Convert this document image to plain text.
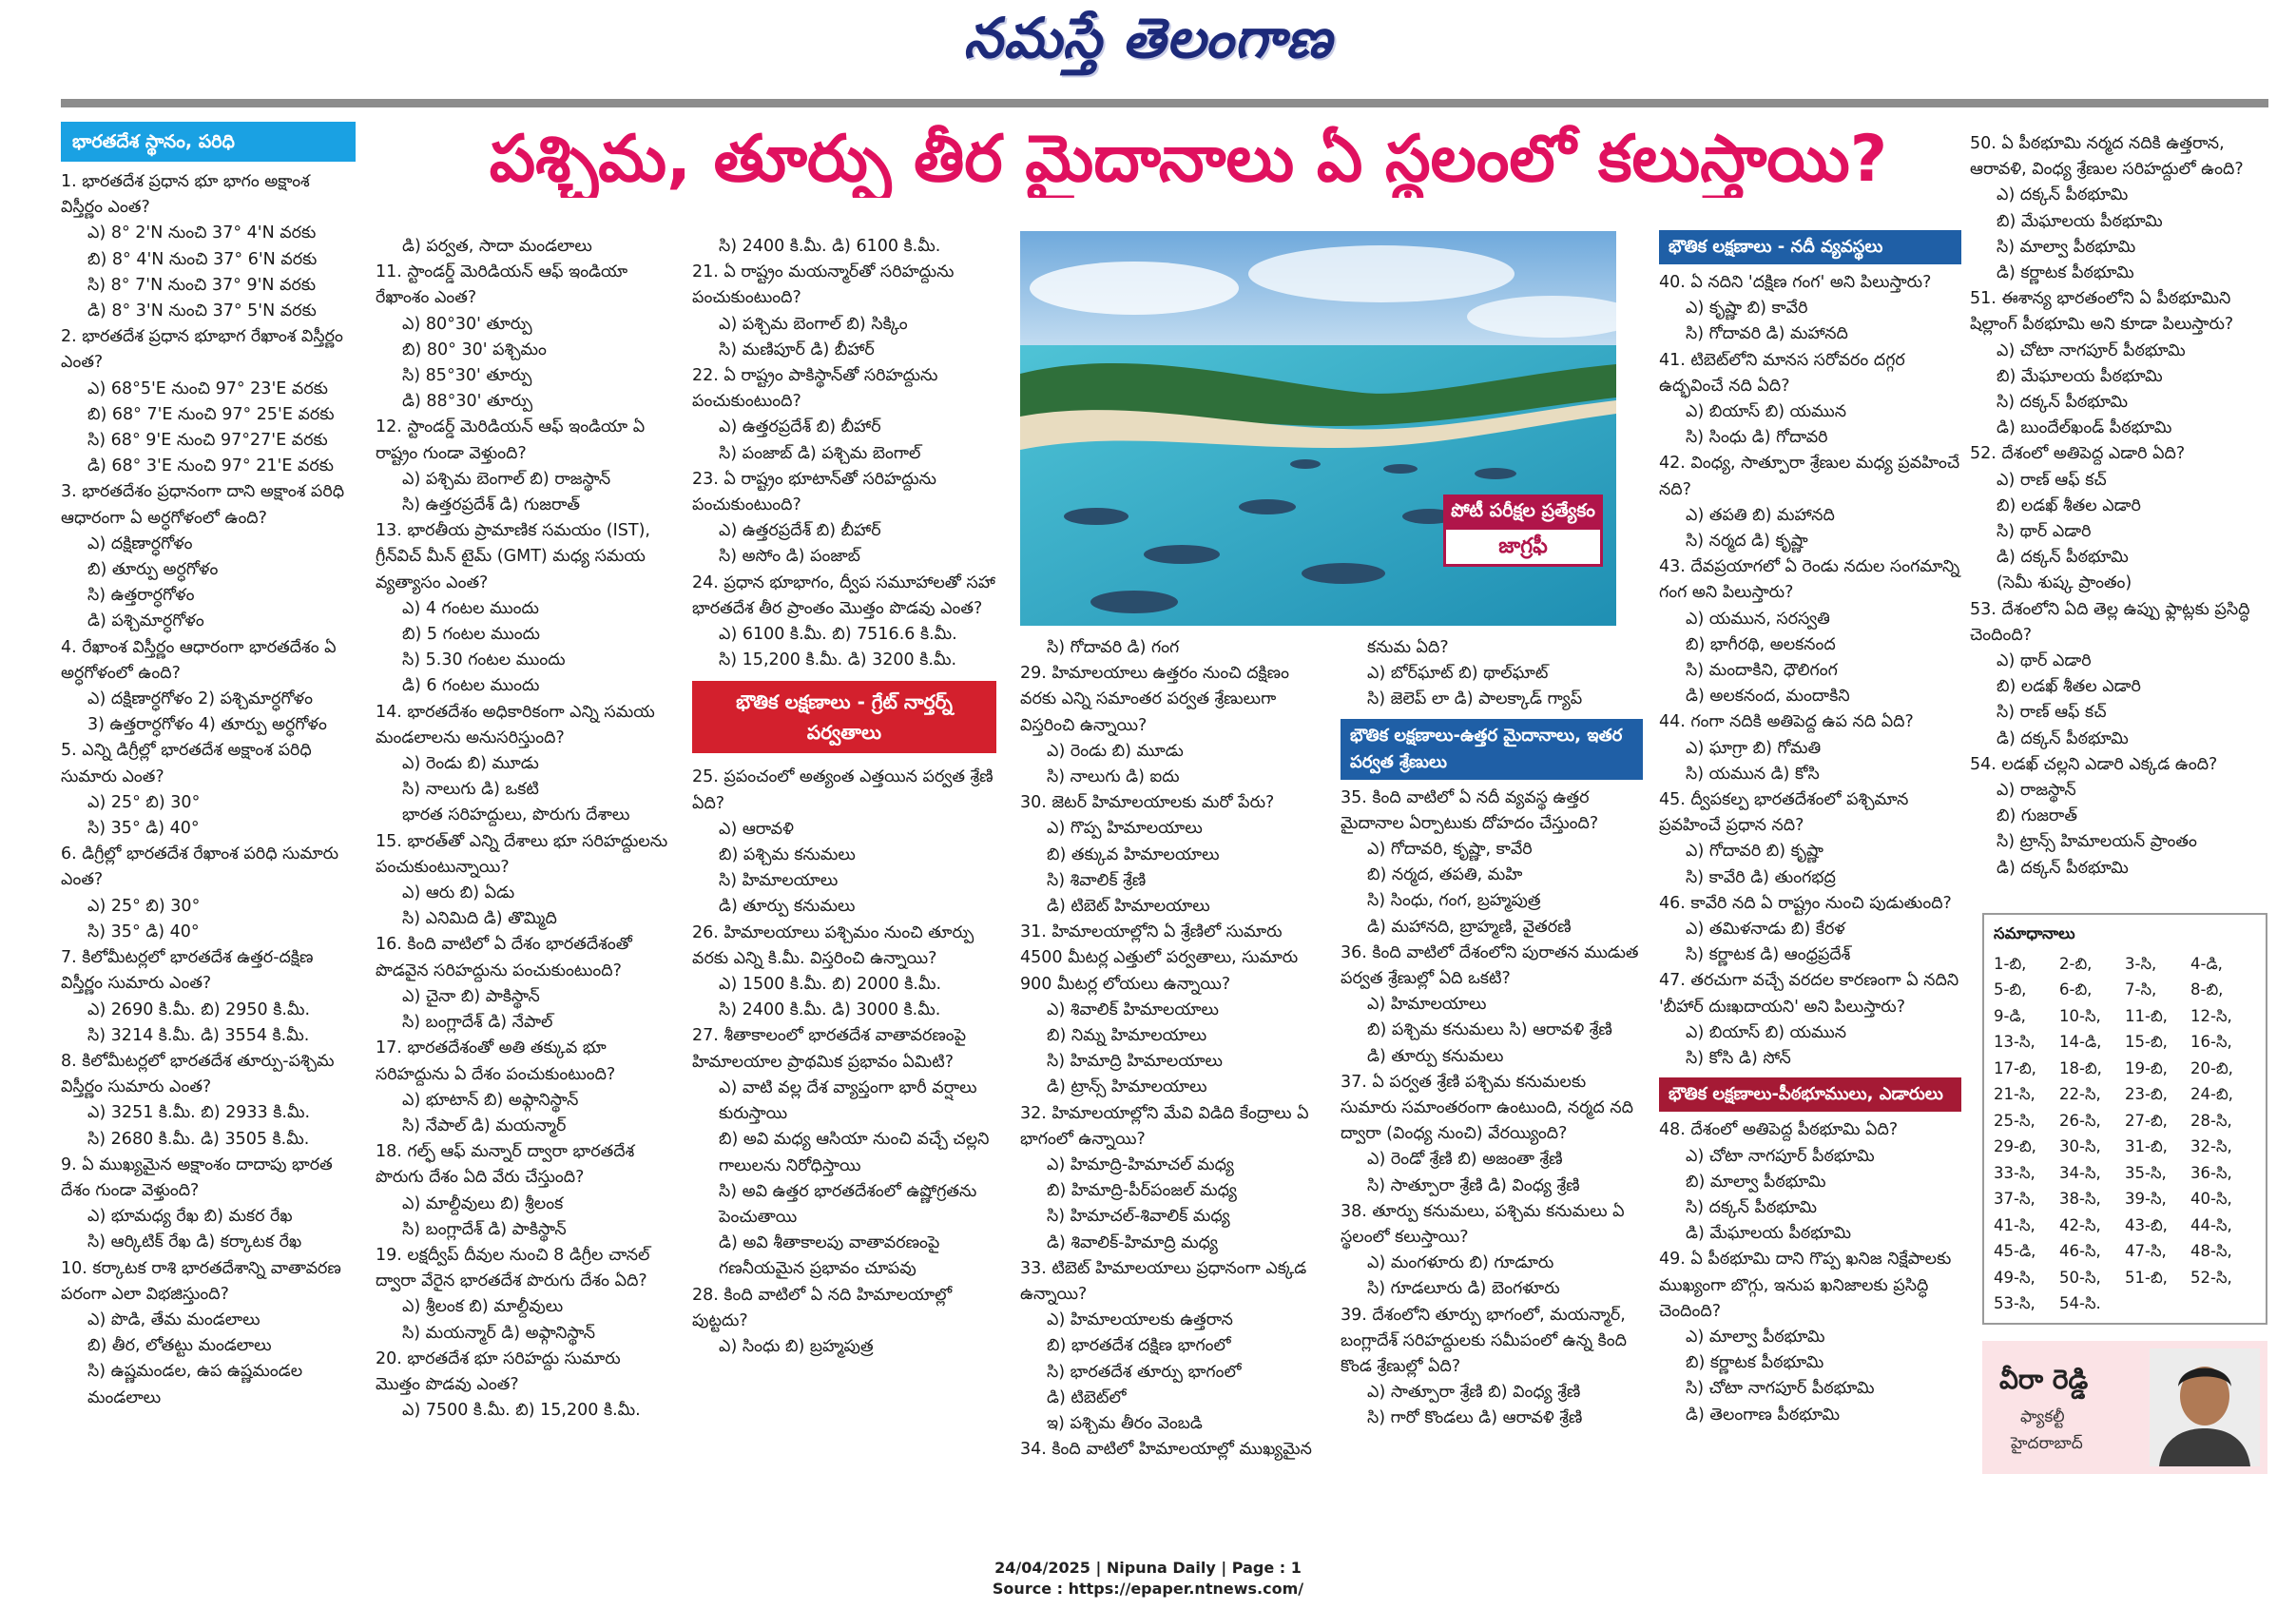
నమస్తే తెలంగాణ
పశ్చిమ, తూర్పు తీర మైదానాలు ఏ స్థలంలో కలుస్తాయి?
భారతదేశ స్థానం, పరిధి
1. భారతదేశ ప్రధాన భూ భాగం అక్షాంశ విస్తీర్ణం ఎంత?
ఎ) 8° 2'N నుంచి 37° 4'N వరకు
బి) 8° 4'N నుంచి 37° 6'N వరకు
సి) 8° 7'N నుంచి 37° 9'N వరకు
డి) 8° 3'N నుంచి 37° 5'N వరకు
2. భారతదేశ ప్రధాన భూభాగ రేఖాంశ విస్తీర్ణం ఎంత?
ఎ) 68°5'E నుంచి 97° 23'E వరకు
బి) 68° 7'E నుంచి 97° 25'E వరకు
సి) 68° 9'E నుంచి 97°27'E వరకు
డి) 68° 3'E నుంచి 97° 21'E వరకు
3. భారతదేశం ప్రధానంగా దాని అక్షాంశ పరిధి ఆధారంగా ఏ అర్ధగోళంలో ఉంది?
ఎ) దక్షిణార్ధగోళం
బి) తూర్పు అర్ధగోళం
సి) ఉత్తరార్ధగోళం
డి) పశ్చిమార్ధగోళం
4. రేఖాంశ విస్తీర్ణం ఆధారంగా భారతదేశం ఏ అర్ధగోళంలో ఉంది?
ఎ) దక్షిణార్ధగోళం 2) పశ్చిమార్ధగోళం
3) ఉత్తరార్ధగోళం 4) తూర్పు అర్ధగోళం
5. ఎన్ని డిగ్రీల్లో భారతదేశ అక్షాంశ పరిధి సుమారు ఎంత?
ఎ) 25° బి) 30°
సి) 35° డి) 40°
6. డిగ్రీల్లో భారతదేశ రేఖాంశ పరిధి సుమారు ఎంత?
ఎ) 25° బి) 30°
సి) 35° డి) 40°
7. కిలోమీటర్లలో భారతదేశ ఉత్తర-దక్షిణ విస్తీర్ణం సుమారు ఎంత?
ఎ) 2690 కి.మీ. బి) 2950 కి.మీ.
సి) 3214 కి.మీ. డి) 3554 కి.మీ.
8. కిలోమీటర్లలో భారతదేశ తూర్పు-పశ్చిమ విస్తీర్ణం సుమారు ఎంత?
ఎ) 3251 కి.మీ. బి) 2933 కి.మీ.
సి) 2680 కి.మీ. డి) 3505 కి.మీ.
9. ఏ ముఖ్యమైన అక్షాంశం దాదాపు భారత దేశం గుండా వెళ్తుంది?
ఎ) భూమధ్య రేఖ బి) మకర రేఖ
సి) ఆర్కిటిక్ రేఖ డి) కర్కాటక రేఖ
10. కర్కాటక రాశి భారతదేశాన్ని వాతావరణ పరంగా ఎలా విభజిస్తుంది?
ఎ) పొడి, తేమ మండలాలు
బి) తీర, లోతట్టు మండలాలు
సి) ఉష్ణమండల, ఉప ఉష్ణమండల మండలాలు
డి) పర్వత, సాదా మండలాలు
11. స్టాండర్డ్ మెరిడియన్ ఆఫ్ ఇండియా రేఖాంశం ఎంత?
ఎ) 80°30' తూర్పు
బి) 80° 30' పశ్చిమం
సి) 85°30' తూర్పు
డి) 88°30' తూర్పు
12. స్టాండర్డ్ మెరిడియన్ ఆఫ్ ఇండియా ఏ రాష్ట్రం గుండా వెళ్తుంది?
ఎ) పశ్చిమ బెంగాల్ బి) రాజస్థాన్
సి) ఉత్తరప్రదేశ్ డి) గుజరాత్
13. భారతీయ ప్రామాణిక సమయం (IST), గ్రీన్‌విచ్ మీన్ టైమ్ (GMT) మధ్య సమయ వ్యత్యాసం ఎంత?
ఎ) 4 గంటల ముందు
బి) 5 గంటల ముందు
సి) 5.30 గంటల ముందు
డి) 6 గంటల ముందు
14. భారతదేశం అధికారికంగా ఎన్ని సమయ మండలాలను అనుసరిస్తుంది?
ఎ) రెండు బి) మూడు
సి) నాలుగు డి) ఒకటి
భారత సరిహద్దులు, పొరుగు దేశాలు
15. భారత్‌తో ఎన్ని దేశాలు భూ సరిహద్దులను పంచుకుంటున్నాయి?
ఎ) ఆరు బి) ఏడు
సి) ఎనిమిది డి) తొమ్మిది
16. కింది వాటిలో ఏ దేశం భారతదేశంతో పొడవైన సరిహద్దును పంచుకుంటుంది?
ఎ) చైనా బి) పాకిస్థాన్
సి) బంగ్లాదేశ్ డి) నేపాల్
17. భారతదేశంతో అతి తక్కువ భూ సరిహద్దును ఏ దేశం పంచుకుంటుంది?
ఎ) భూటాన్ బి) అఫ్గానిస్థాన్
సి) నేపాల్ డి) మయన్మార్
18. గల్ఫ్ ఆఫ్ మన్నార్ ద్వారా భారతదేశ పొరుగు దేశం ఏది వేరు చేస్తుంది?
ఎ) మాల్దీవులు బి) శ్రీలంక
సి) బంగ్లాదేశ్ డి) పాకిస్థాన్
19. లక్షద్వీప్ దీవుల నుంచి 8 డిగ్రీల చానల్ ద్వారా వేరైన భారతదేశ పొరుగు దేశం ఏది?
ఎ) శ్రీలంక బి) మాల్దీవులు
సి) మయన్మార్ డి) అఫ్గానిస్థాన్
20. భారతదేశ భూ సరిహద్దు సుమారు మొత్తం పొడవు ఎంత?
ఎ) 7500 కి.మీ. బి) 15,200 కి.మీ.
సి) 2400 కి.మీ. డి) 6100 కి.మీ.
21. ఏ రాష్ట్రం మయన్మార్‌తో సరిహద్దును పంచుకుంటుంది?
ఎ) పశ్చిమ బెంగాల్ బి) సిక్కిం
సి) మణిపూర్ డి) బీహార్
22. ఏ రాష్ట్రం పాకిస్థాన్‌తో సరిహద్దును పంచుకుంటుంది?
ఎ) ఉత్తరప్రదేశ్ బి) బీహార్
సి) పంజాబ్ డి) పశ్చిమ బెంగాల్
23. ఏ రాష్ట్రం భూటాన్‌తో సరిహద్దును పంచుకుంటుంది?
ఎ) ఉత్తరప్రదేశ్ బి) బీహార్
సి) అసోం డి) పంజాబ్
24. ప్రధాన భూభాగం, ద్వీప సమూహాలతో సహా భారతదేశ తీర ప్రాంతం మొత్తం పొడవు ఎంత?
ఎ) 6100 కి.మీ. బి) 7516.6 కి.మీ.
సి) 15,200 కి.మీ. డి) 3200 కి.మీ.
భౌతిక లక్షణాలు - గ్రేట్ నార్తర్న్ పర్వతాలు
25. ప్రపంచంలో అత్యంత ఎత్తయిన పర్వత శ్రేణి ఏది?
ఎ) ఆరావళి
బి) పశ్చిమ కనుమలు
సి) హిమాలయాలు
డి) తూర్పు కనుమలు
26. హిమాలయాలు పశ్చిమం నుంచి తూర్పు వరకు ఎన్ని కి.మీ. విస్తరించి ఉన్నాయి?
ఎ) 1500 కి.మీ. బి) 2000 కి.మీ.
సి) 2400 కి.మీ. డి) 3000 కి.మీ.
27. శీతాకాలంలో భారతదేశ వాతావరణంపై హిమాలయాల ప్రాథమిక ప్రభావం ఏమిటి?
ఎ) వాటి వల్ల దేశ వ్యాప్తంగా భారీ వర్షాలు కురుస్తాయి
బి) అవి మధ్య ఆసియా నుంచి వచ్చే చల్లని గాలులను నిరోధిస్తాయి
సి) అవి ఉత్తర భారతదేశంలో ఉష్ణోగ్రతను పెంచుతాయి
డి) అవి శీతాకాలపు వాతావరణంపై గణనీయమైన ప్రభావం చూపవు
28. కింది వాటిలో ఏ నది హిమాలయాల్లో పుట్టదు?
ఎ) సింధు బి) బ్రహ్మపుత్ర
పోటీ పరీక్షల ప్రత్యేకం
జాగ్రఫీ
సి) గోదావరి డి) గంగ
29. హిమాలయాలు ఉత్తరం నుంచి దక్షిణం వరకు ఎన్ని సమాంతర పర్వత శ్రేణులుగా విస్తరించి ఉన్నాయి?
ఎ) రెండు బి) మూడు
సి) నాలుగు డి) ఐదు
30. జెటర్ హిమాలయాలకు మరో పేరు?
ఎ) గొప్ప హిమాలయాలు
బి) తక్కువ హిమాలయాలు
సి) శివాలిక్ శ్రేణి
డి) టిబెట్ హిమాలయాలు
31. హిమాలయాల్లోని ఏ శ్రేణిలో సుమారు 4500 మీటర్ల ఎత్తులో పర్వతాలు, సుమారు 900 మీటర్ల లోయలు ఉన్నాయి?
ఎ) శివాలిక్ హిమాలయాలు
బి) నిమ్న హిమాలయాలు
సి) హిమాద్రి హిమాలయాలు
డి) ట్రాన్స్ హిమాలయాలు
32. హిమాలయాల్లోని మేవి విడిది కేంద్రాలు ఏ భాగంలో ఉన్నాయి?
ఎ) హిమాద్రి-హిమాచల్ మధ్య
బి) హిమాద్రి-పీర్‌పంజల్ మధ్య
సి) హిమాచల్-శివాలిక్ మధ్య
డి) శివాలిక్-హిమాద్రి మధ్య
33. టిబెట్ హిమాలయాలు ప్రధానంగా ఎక్కడ ఉన్నాయి?
ఎ) హిమాలయాలకు ఉత్తరాన
బి) భారతదేశ దక్షిణ భాగంలో
సి) భారతదేశ తూర్పు భాగంలో
డి) టిబెట్‌లో
ఇ) పశ్చిమ తీరం వెంబడి
34. కింది వాటిలో హిమాలయాల్లో ముఖ్యమైన
కనుమ ఏది?
ఎ) బోర్‌ఘాట్ బి) థాల్‌ఘాట్
సి) జెలెప్ లా డి) పాలక్కాడ్ గ్యాప్
భౌతిక లక్షణాలు-ఉత్తర మైదానాలు, ఇతర పర్వత శ్రేణులు
35. కింది వాటిలో ఏ నదీ వ్యవస్థ ఉత్తర మైదానాల ఏర్పాటుకు దోహదం చేస్తుంది?
ఎ) గోదావరి, కృష్ణా, కావేరి
బి) నర్మద, తపతి, మహి
సి) సింధు, గంగ, బ్రహ్మపుత్ర
డి) మహానది, బ్రాహ్మణి, వైతరణి
36. కింది వాటిలో దేశంలోని పురాతన ముడుత పర్వత శ్రేణుల్లో ఏది ఒకటి?
ఎ) హిమాలయాలు
బి) పశ్చిమ కనుమలు సి) ఆరావళి శ్రేణి
డి) తూర్పు కనుమలు
37. ఏ పర్వత శ్రేణి పశ్చిమ కనుమలకు సుమారు సమాంతరంగా ఉంటుంది, నర్మద నది ద్వారా (వింధ్య నుంచి) వేరయ్యింది?
ఎ) రెండో శ్రేణి బి) అజంతా శ్రేణి
సి) సాత్పూరా శ్రేణి డి) వింధ్య శ్రేణి
38. తూర్పు కనుమలు, పశ్చిమ కనుమలు ఏ స్థలంలో కలుస్తాయి?
ఎ) మంగళూరు బి) గూడూరు
సి) గూడలూరు డి) బెంగళూరు
39. దేశంలోని తూర్పు భాగంలో, మయన్మార్, బంగ్లాదేశ్ సరిహద్దులకు సమీపంలో ఉన్న కింది కొండ శ్రేణుల్లో ఏది?
ఎ) సాత్పూరా శ్రేణి బి) వింధ్య శ్రేణి
సి) గారో కొండలు డి) ఆరావళి శ్రేణి
భౌతిక లక్షణాలు - నదీ వ్యవస్థలు
40. ఏ నదిని 'దక్షిణ గంగ' అని పిలుస్తారు?
ఎ) కృష్ణా బి) కావేరి
సి) గోదావరి డి) మహానది
41. టిబెట్‌లోని మానస సరోవరం దగ్గర ఉద్భవించే నది ఏది?
ఎ) బియాస్ బి) యమున
సి) సింధు డి) గోదావరి
42. వింధ్య, సాత్పూరా శ్రేణుల మధ్య ప్రవహించే నది?
ఎ) తపతి బి) మహానది
సి) నర్మద డి) కృష్ణా
43. దేవప్రయాగలో ఏ రెండు నదుల సంగమాన్ని గంగ అని పిలుస్తారు?
ఎ) యమున, సరస్వతి
బి) భాగీరథి, అలకనంద
సి) మందాకిని, ధౌలిగంగ
డి) అలకనంద, మందాకిని
44. గంగా నదికి అతిపెద్ద ఉప నది ఏది?
ఎ) ఘాగ్రా బి) గోమతి
సి) యమున డి) కోసి
45. ద్వీపకల్ప భారతదేశంలో పశ్చిమాన ప్రవహించే ప్రధాన నది?
ఎ) గోదావరి బి) కృష్ణా
సి) కావేరి డి) తుంగభద్ర
46. కావేరి నది ఏ రాష్ట్రం నుంచి పుడుతుంది?
ఎ) తమిళనాడు బి) కేరళ
సి) కర్ణాటక డి) ఆంధ్రప్రదేశ్
47. తరచుగా వచ్చే వరదల కారణంగా ఏ నదిని 'బీహార్ దుఃఖదాయని' అని పిలుస్తారు?
ఎ) బియాస్ బి) యమున
సి) కోసి డి) సోన్
భౌతిక లక్షణాలు-పీఠభూములు, ఎడారులు
48. దేశంలో అతిపెద్ద పీఠభూమి ఏది?
ఎ) చోటా నాగపూర్ పీఠభూమి
బి) మాల్వా పీఠభూమి
సి) దక్కన్ పీఠభూమి
డి) మేఘాలయ పీఠభూమి
49. ఏ పీఠభూమి దాని గొప్ప ఖనిజ నిక్షేపాలకు ముఖ్యంగా బొగ్గు, ఇనుప ఖనిజాలకు ప్రసిద్ధి చెందింది?
ఎ) మాల్వా పీఠభూమి
బి) కర్ణాటక పీఠభూమి
సి) చోటా నాగపూర్ పీఠభూమి
డి) తెలంగాణ పీఠభూమి
50. ఏ పీఠభూమి నర్మద నదికి ఉత్తరాన, ఆరావళి, వింధ్య శ్రేణుల సరిహద్దులో ఉంది?
ఎ) దక్కన్ పీఠభూమి
బి) మేఘాలయ పీఠభూమి
సి) మాల్వా పీఠభూమి
డి) కర్ణాటక పీఠభూమి
51. ఈశాన్య భారతంలోని ఏ పీఠభూమిని షిల్లాంగ్ పీఠభూమి అని కూడా పిలుస్తారు?
ఎ) చోటా నాగపూర్ పీఠభూమి
బి) మేఘాలయ పీఠభూమి
సి) దక్కన్ పీఠభూమి
డి) బుందేల్‌ఖండ్ పీఠభూమి
52. దేశంలో అతిపెద్ద ఎడారి ఏది?
ఎ) రాణ్ ఆఫ్ కచ్
బి) లడఖ్ శీతల ఎడారి
సి) థార్ ఎడారి
డి) దక్కన్ పీఠభూమి
(సెమీ శుష్క ప్రాంతం)
53. దేశంలోని ఏది తెల్ల ఉప్పు ఫ్లాట్లకు ప్రసిద్ధి చెందింది?
ఎ) థార్ ఎడారి
బి) లడఖ్ శీతల ఎడారి
సి) రాణ్ ఆఫ్ కచ్
డి) దక్కన్ పీఠభూమి
54. లడఖ్ చల్లని ఎడారి ఎక్కడ ఉంది?
ఎ) రాజస్థాన్
బి) గుజరాత్
సి) ట్రాన్స్ హిమాలయన్ ప్రాంతం
డి) దక్కన్ పీఠభూమి
సమాధానాలు
1-బి,	2-బి,	3-సి,	4-డి,
5-బి,	6-బి,	7-సి,	8-బి,
9-డి,	10-సి,	11-బి,	12-సి,
13-సి,	14-డి,	15-బి,	16-సి,
17-బి,	18-బి,	19-బి,	20-బి,
21-సి,	22-సి,	23-బి,	24-బి,
25-సి,	26-సి,	27-బి,	28-సి,
29-బి,	30-సి,	31-బి,	32-సి,
33-సి,	34-సి,	35-సి,	36-సి,
37-సి,	38-సి,	39-సి,	40-సి,
41-సి,	42-సి,	43-బి,	44-సి,
45-డి,	46-సి,	47-సి,	48-సి,
49-సి,	50-సి,	51-బి,	52-సి,
53-సి,	54-సి.
వీరా రెడ్డి
ఫ్యాకల్టీ
హైదరాబాద్
24/04/2025 | Nipuna Daily | Page : 1
Source : https://epaper.ntnews.com/
